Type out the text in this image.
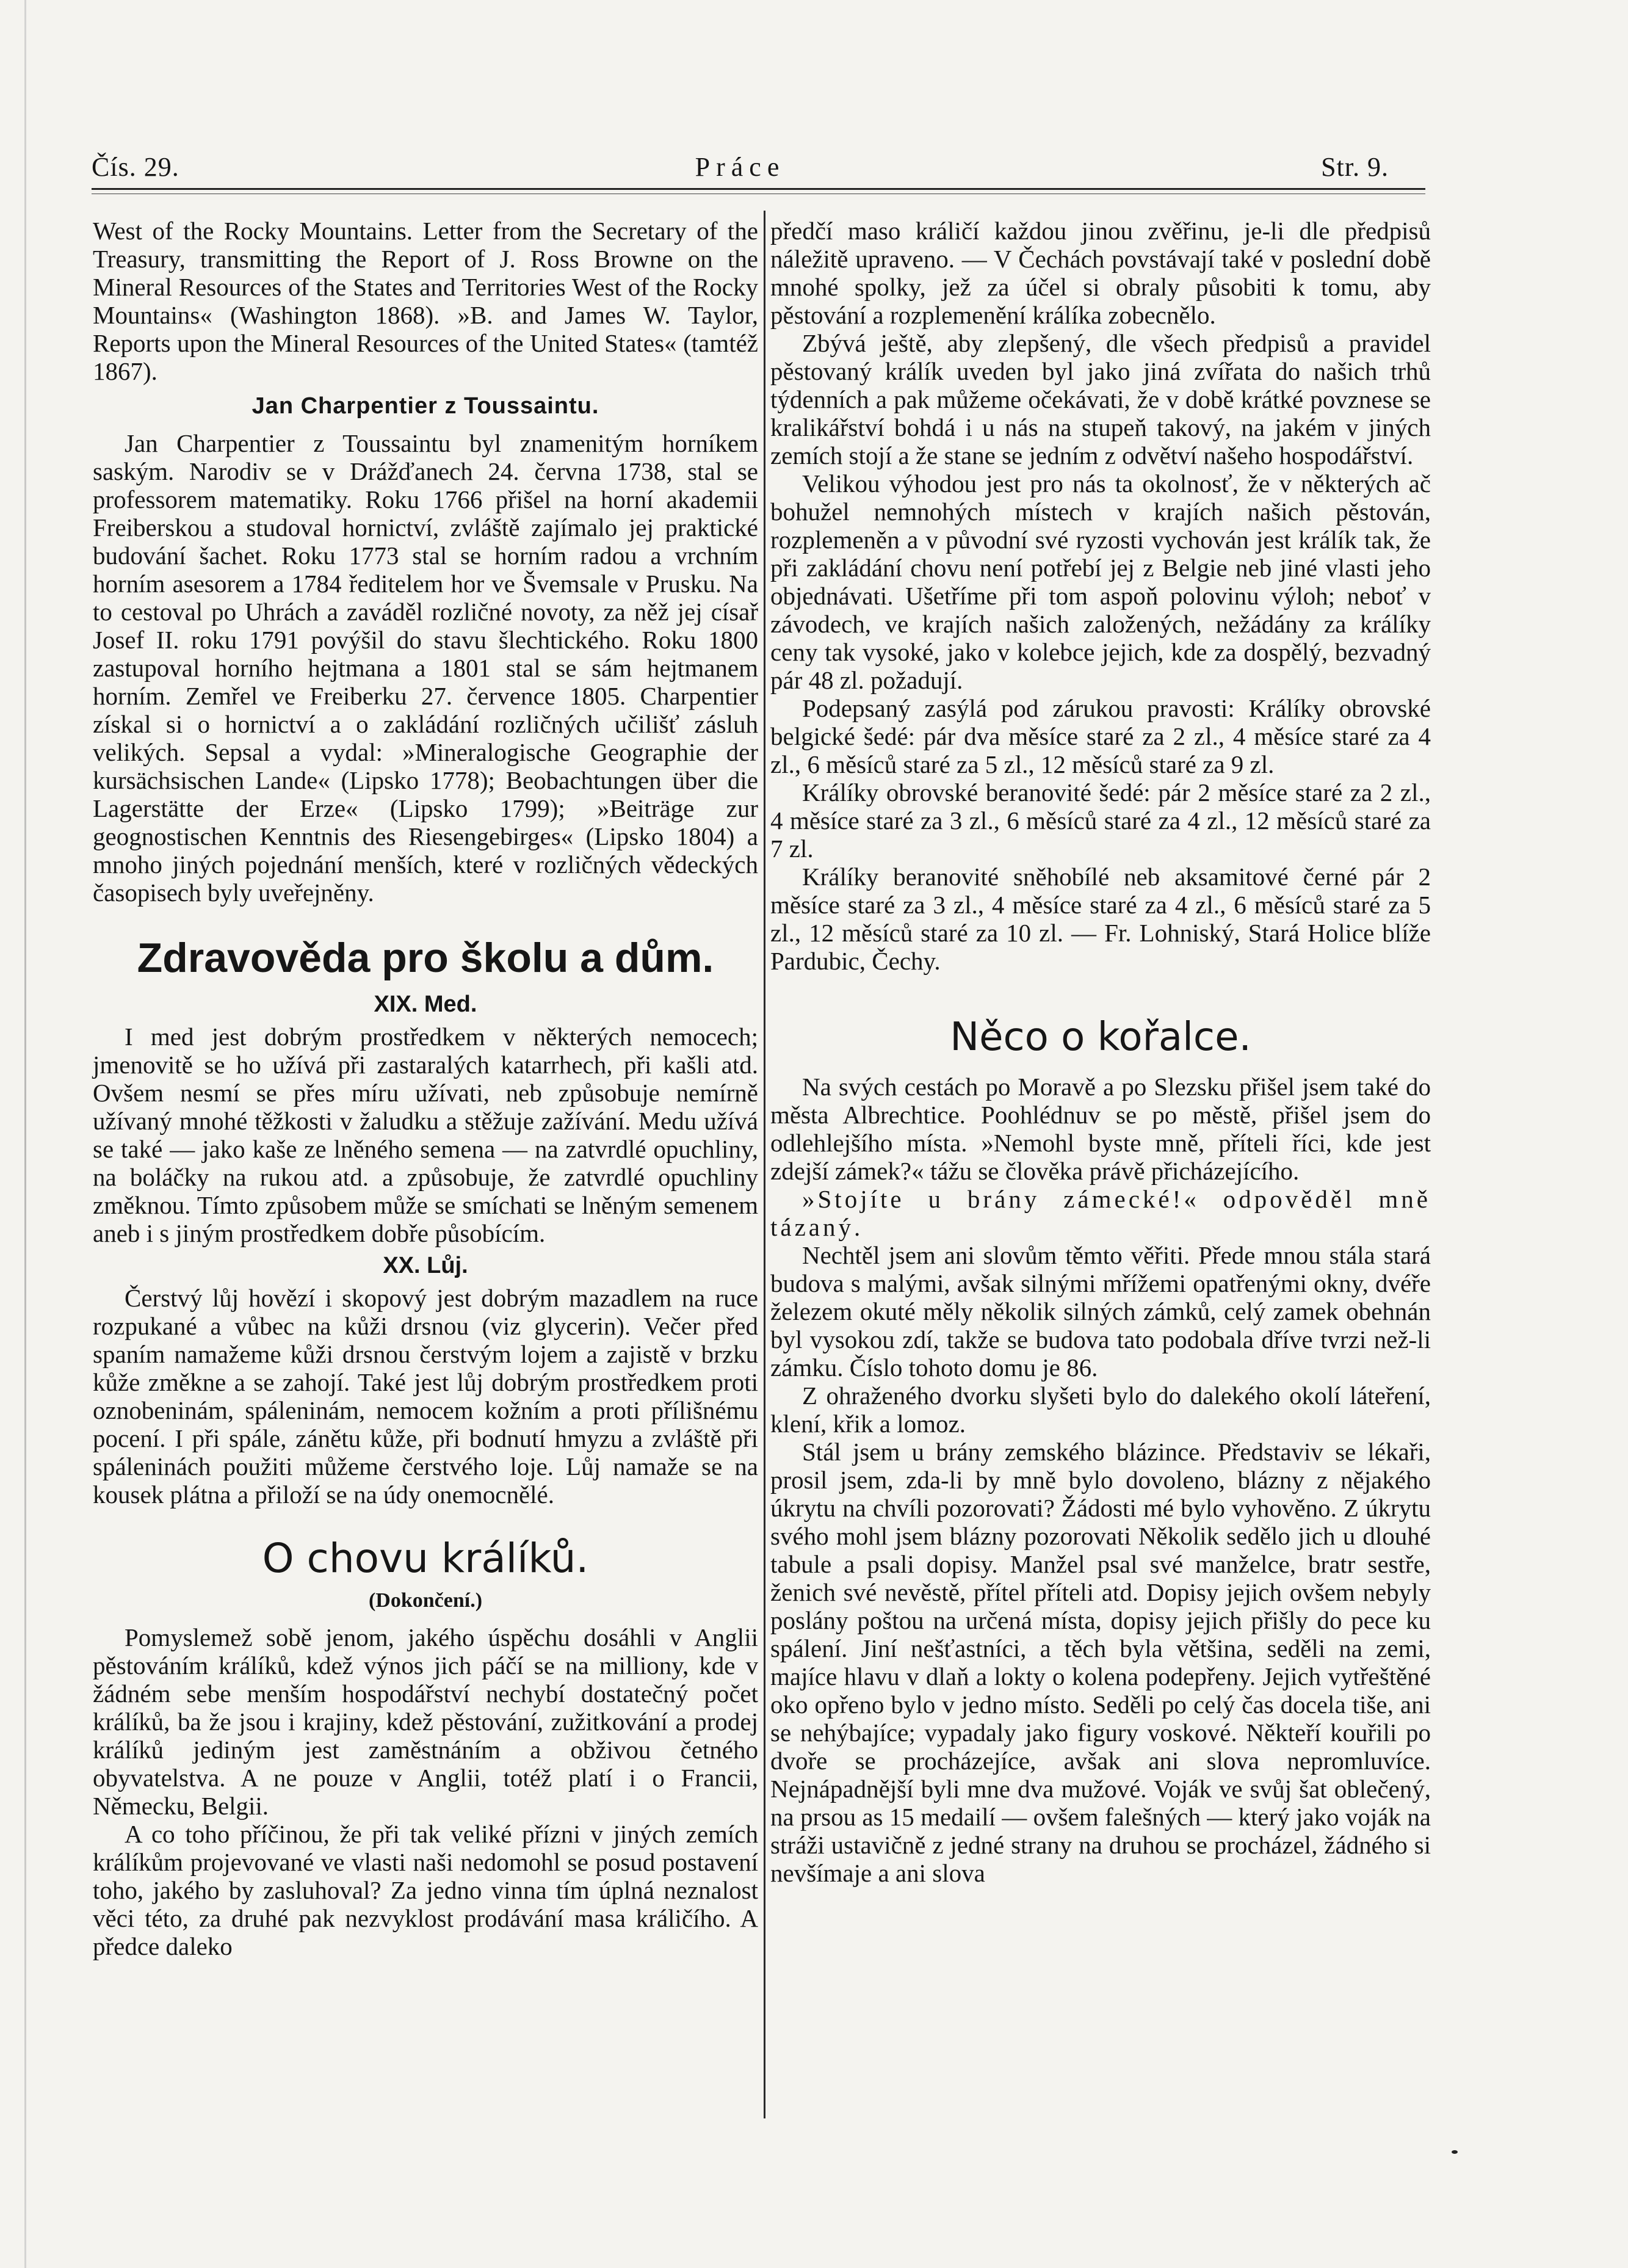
Čís. 29.	Práce	Str. 9.

West of the Rocky Mountains. Letter from the Secretary of the Treasury, transmitting the Report of J. Ross Browne on the Mineral Resources of the States and Territories West of the Rocky Mountains« (Washington 1868). »B. and James W. Taylor, Reports upon the Mineral Resources of the United States« (tamtéž 1867).

Jan Charpentier z Toussaintu.

Jan Charpentier z Toussaintu byl znamenitým horníkem saským. Narodiv se v Drážďanech 24. června 1738, stal se professorem matematiky. Roku 1766 přišel na horní akademii Freiberskou a studoval hornictví, zvláště zajímalo jej praktické budování šachet. Roku 1773 stal se horním radou a vrchním horním asesorem a 1784 ředitelem hor ve Švemsale v Prusku. Na to cestoval po Uhrách a zaváděl rozličné novoty, za něž jej císař Josef II. roku 1791 povýšil do stavu šlechtického. Roku 1800 zastupoval horního hejtmana a 1801 stal se sám hejtmanem horním. Zemřel ve Freiberku 27. července 1805. Charpentier získal si o hornictví a o zakládání rozličných učilišť zásluh velikých. Sepsal a vydal: »Mineralogische Geographie der kursächsischen Lande« (Lipsko 1778); Beobachtungen über die Lagerstätte der Erze« (Lipsko 1799); »Beiträge zur geognostischen Kenntnis des Riesengebirges« (Lipsko 1804) a mnoho jiných pojednání menších, které v rozličných vědeckých časopisech byly uveřejněny.

Zdravověda pro školu a dům.

XIX. Med.

I med jest dobrým prostředkem v některých nemocech; jmenovitě se ho užívá při zastaralých katarrhech, při kašli atd. Ovšem nesmí se přes míru užívati, neb způsobuje nemírně užívaný mnohé těžkosti v žaludku a stěžuje zažívání. Medu užívá se také — jako kaše ze lněného semena — na zatvrdlé opuchliny, na boláčky na rukou atd. a způsobuje, že zatvrdlé opuchliny změknou. Tímto způsobem může se smíchati se lněným semenem aneb i s jiným prostředkem dobře působícím.

XX. Lůj.

Čerstvý lůj hovězí i skopový jest dobrým mazadlem na ruce rozpukané a vůbec na kůži drsnou (viz glycerin). Večer před spaním namažeme kůži drsnou čerstvým lojem a zajistě v brzku kůže změkne a se zahojí. Také jest lůj dobrým prostředkem proti oznobeninám, spáleninám, nemocem kožním a proti přílišnému pocení. I při spále, zánětu kůže, při bodnutí hmyzu a zvláště při spáleninách použiti můžeme čerstvého loje. Lůj namaže se na kousek plátna a přiloží se na údy onemocnělé.

O chovu králíků.

(Dokončení.)

Pomyslemež sobě jenom, jakého úspěchu dosáhli v Anglii pěstováním králíků, kdež výnos jich páčí se na milliony, kde v žádném sebe menším hospodářství nechybí dostatečný počet králíků, ba že jsou i krajiny, kdež pěstování, zužitkování a prodej králíků jediným jest zaměstnáním a obživou četného obyvatelstva. A ne pouze v Anglii, totéž platí i o Francii, Německu, Belgii.

A co toho příčinou, že při tak veliké přízni v jiných zemích králíkům projevované ve vlasti naši nedomohl se posud postavení toho, jakého by zasluhoval? Za jedno vinna tím úplná neznalost věci této, za druhé pak nezvyklost prodávání masa králičího. A předce daleko

předčí maso králičí každou jinou zvěřinu, je-li dle předpisů náležitě upraveno. — V Čechách povstávají také v poslední době mnohé spolky, jež za účel si obraly působiti k tomu, aby pěstování a rozplemenění králíka zobecnělo.

Zbývá ještě, aby zlepšený, dle všech předpisů a pravidel pěstovaný králík uveden byl jako jiná zvířata do našich trhů týdenních a pak můžeme očekávati, že v době krátké povznese se kralikářství bohdá i u nás na stupeň takový, na jakém v jiných zemích stojí a že stane se jedním z odvětví našeho hospodářství.

Velikou výhodou jest pro nás ta okolnosť, že v některých ač bohužel nemnohých místech v krajích našich pěstován, rozplemeněn a v původní své ryzosti vychován jest králík tak, že při zakládání chovu není potřebí jej z Belgie neb jiné vlasti jeho objednávati. Ušetříme při tom aspoň polovinu výloh; neboť v závodech, ve krajích našich založených, nežádány za králíky ceny tak vysoké, jako v kolebce jejich, kde za dospělý, bezvadný pár 48 zl. požadují.

Podepsaný zasýlá pod zárukou pravosti: Králíky obrovské belgické šedé: pár dva měsíce staré za 2 zl., 4 měsíce staré za 4 zl., 6 měsíců staré za 5 zl., 12 měsíců staré za 9 zl.

Králíky obrovské beranovité šedé: pár 2 měsíce staré za 2 zl., 4 měsíce staré za 3 zl., 6 měsíců staré za 4 zl., 12 měsíců staré za 7 zl.

Králíky beranovité sněhobílé neb aksamitové černé pár 2 měsíce staré za 3 zl., 4 měsíce staré za 4 zl., 6 měsíců staré za 5 zl., 12 měsíců staré za 10 zl. — Fr. Lohniský, Stará Holice blíže Pardubic, Čechy.

Něco o kořalce.

Na svých cestách po Moravě a po Slezsku přišel jsem také do města Albrechtice. Poohlédnuv se po městě, přišel jsem do odlehlejšího místa. »Nemohl byste mně, příteli říci, kde jest zdejší zámek?« tážu se člověka právě přicházejícího.

»Stojíte u brány zámecké!« odpověděl mně tázaný.

Nechtěl jsem ani slovům těmto věřiti. Přede mnou stála stará budova s malými, avšak silnými mřížemi opatřenými okny, dvéře železem okuté měly několik silných zámků, celý zamek obehnán byl vysokou zdí, takže se budova tato podobala dříve tvrzi než-li zámku. Číslo tohoto domu je 86.

Z ohraženého dvorku slyšeti bylo do dalekého okolí láteření, klení, křik a lomoz.

Stál jsem u brány zemského blázince. Představiv se lékaři, prosil jsem, zda-li by mně bylo dovoleno, blázny z nějakého úkrytu na chvíli pozorovati? Žádosti mé bylo vyhověno. Z úkrytu svého mohl jsem blázny pozorovati Několik sedělo jich u dlouhé tabule a psali dopisy. Manžel psal své manželce, bratr sestře, ženich své nevěstě, přítel příteli atd. Dopisy jejich ovšem nebyly poslány poštou na určená místa, dopisy jejich přišly do pece ku spálení. Jiní nešťastníci, a těch byla většina, seděli na zemi, majíce hlavu v dlaň a lokty o kolena podepřeny. Jejich vytřeštěné oko opřeno bylo v jedno místo. Seděli po celý čas docela tiše, ani se nehýbajíce; vypadaly jako figury voskové. Někteří kouřili po dvoře se procházejíce, avšak ani slova nepromluvíce. Nejnápadnější byli mne dva mužové. Voják ve svůj šat oblečený, na prsou as 15 medailí — ovšem falešných — který jako voják na stráži ustavičně z jedné strany na druhou se procházel, žádného si nevšímaje a ani slova
